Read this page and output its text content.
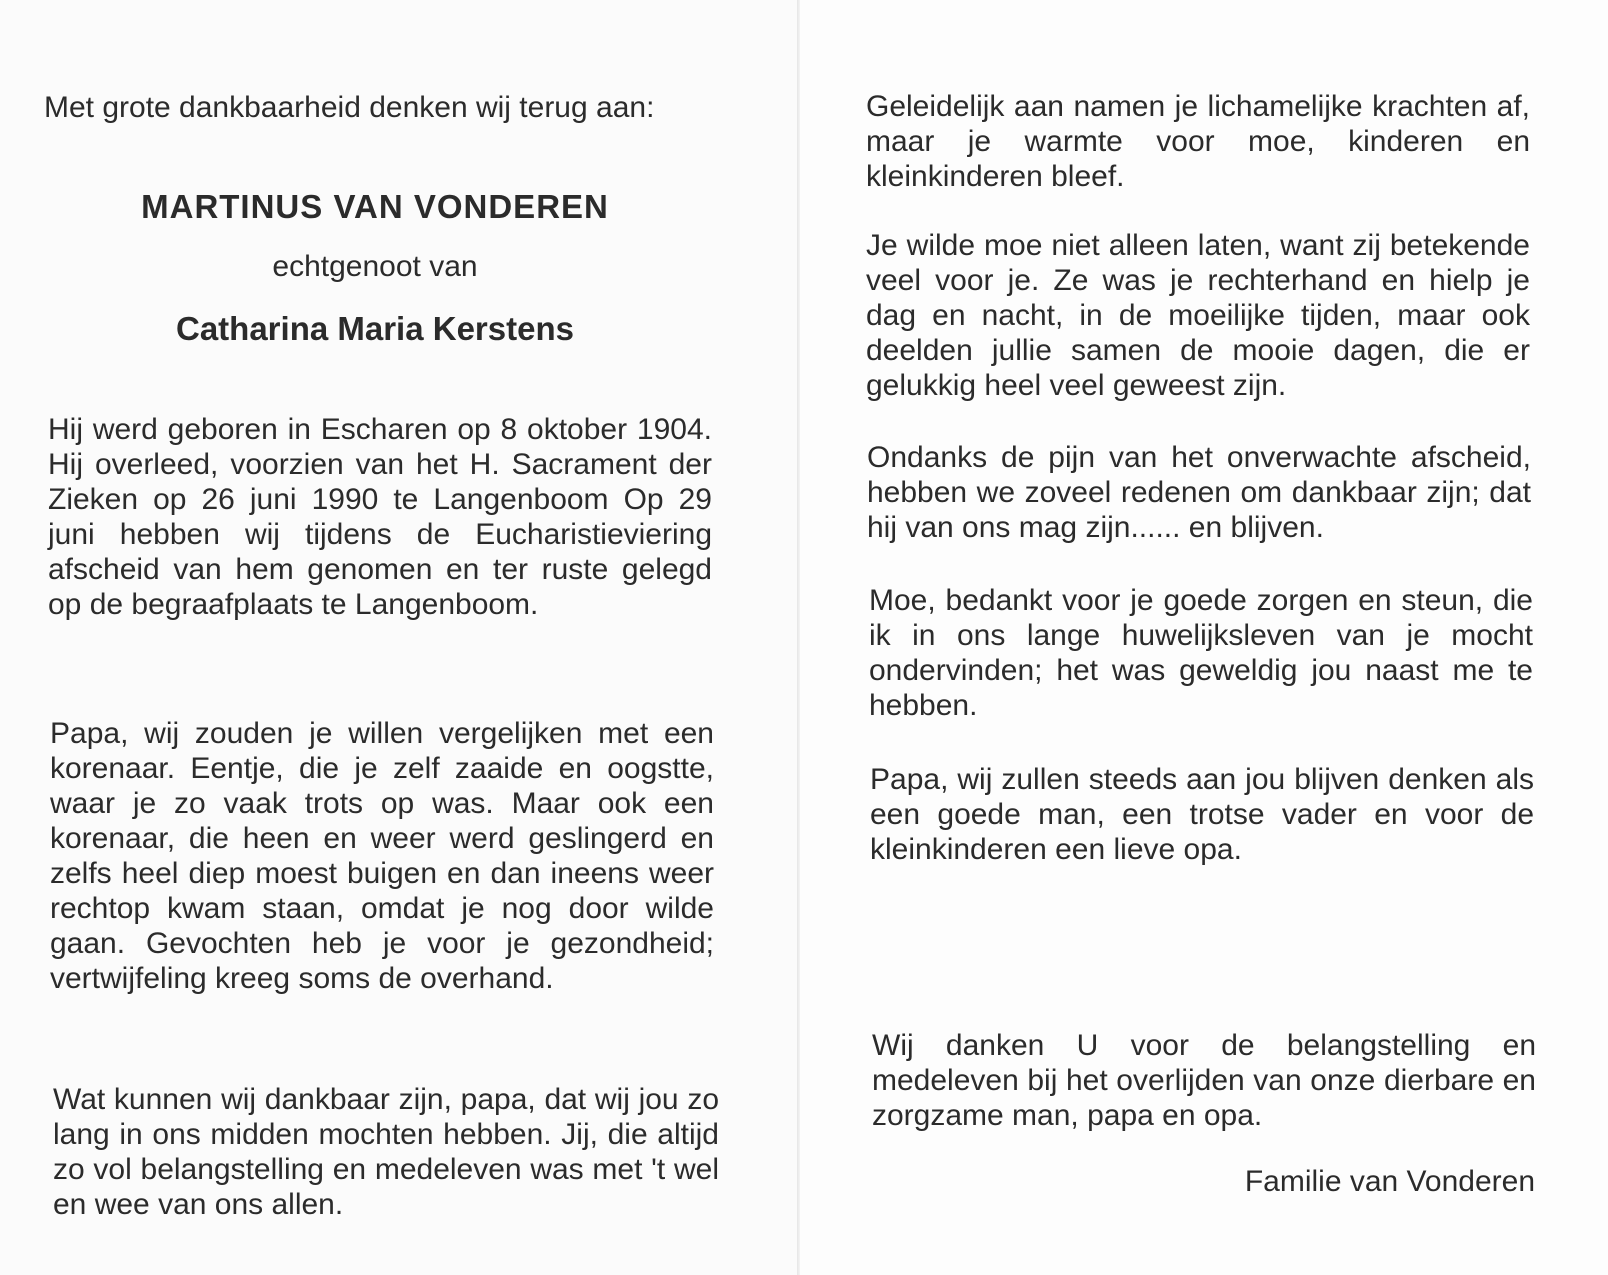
Met grote dankbaarheid denken wij terug aan:

MARTINUS VAN VONDEREN

echtgenoot van

Catharina Maria Kerstens

Hij werd geboren in Escharen op 8 oktober 1904. Hij overleed, voorzien van het H. Sacrament der Zieken op 26 juni 1990 te Langenboom Op 29 juni hebben wij tijdens de Eucharistieviering afscheid van hem genomen en ter ruste gelegd op de begraafplaats te Langenboom.

Papa, wij zouden je willen vergelijken met een korenaar. Eentje, die je zelf zaaide en oogstte, waar je zo vaak trots op was. Maar ook een korenaar, die heen en weer werd geslingerd en zelfs heel diep moest buigen en dan ineens weer rechtop kwam staan, omdat je nog door wilde gaan. Gevochten heb je voor je gezondheid; vertwijfeling kreeg soms de overhand.

Wat kunnen wij dankbaar zijn, papa, dat wij jou zo lang in ons midden mochten hebben. Jij, die altijd zo vol belangstelling en medeleven was met 't wel en wee van ons allen.

Geleidelijk aan namen je lichamelijke krachten af, maar je warmte voor moe, kinderen en kleinkinderen bleef.

Je wilde moe niet alleen laten, want zij betekende veel voor je. Ze was je rechterhand en hielp je dag en nacht, in de moeilijke tijden, maar ook deelden jullie samen de mooie dagen, die er gelukkig heel veel geweest zijn.

Ondanks de pijn van het onverwachte afscheid, hebben we zoveel redenen om dankbaar zijn; dat hij van ons mag zijn...... en blijven.

Moe, bedankt voor je goede zorgen en steun, die ik in ons lange huwelijksleven van je mocht ondervinden; het was geweldig jou naast me te hebben.

Papa, wij zullen steeds aan jou blijven denken als een goede man, een trotse vader en voor de kleinkinderen een lieve opa.

Wij danken U voor de belangstelling en medeleven bij het overlijden van onze dierbare en zorgzame man, papa en opa.

Familie van Vonderen
